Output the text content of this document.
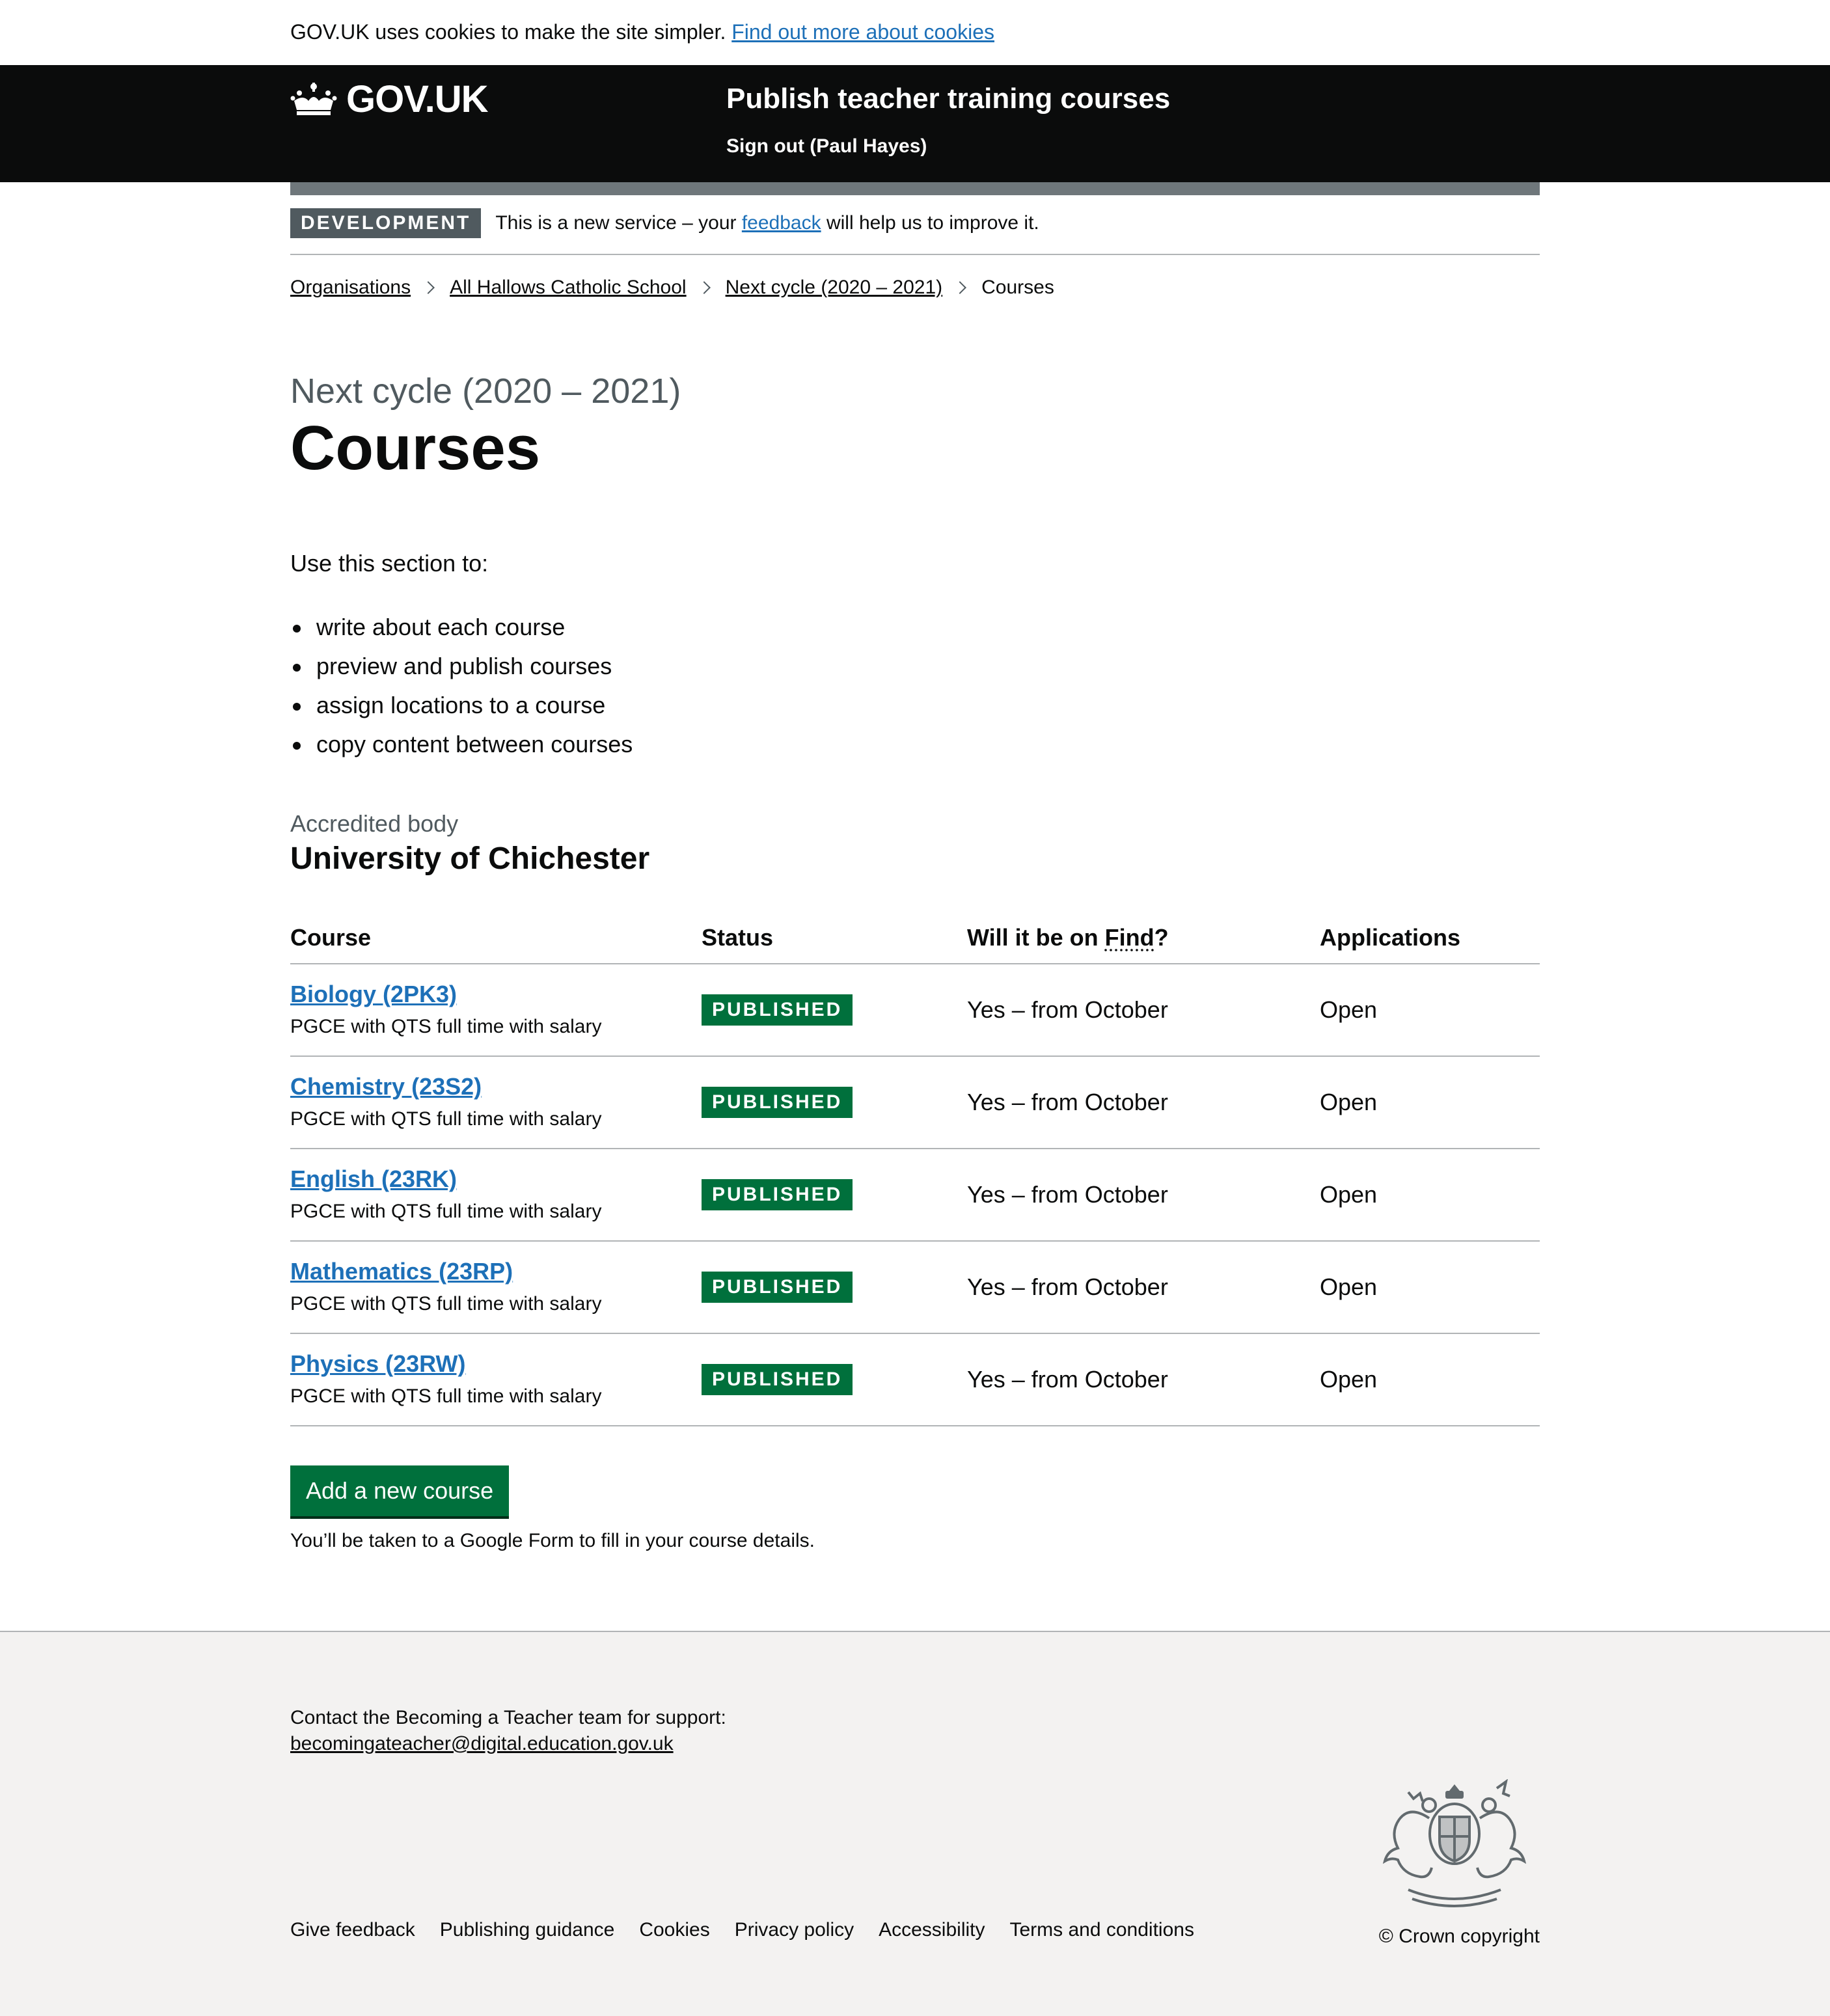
GOV.UK uses cookies to make the site simpler. Find out more about cookies
GOV.UK	Publish teacher training courses
Sign out (Paul Hayes)
DEVELOPMENT	This is a new service – your feedback will help us to improve it.
Organisations All Hallows Catholic School Next cycle (2020 – 2021) Courses
Next cycle (2020 – 2021)
Courses

Use this section to:

write about each course
preview and publish courses
assign locations to a course
copy content between courses
Accredited body
University of Chichester
Course	Status	Will it be on Find?	Applications
Biology (2PK3)
PGCE with QTS full time with salary
PUBLISHED	Yes – from October	Open
Chemistry (23S2)
PGCE with QTS full time with salary
PUBLISHED	Yes – from October	Open
English (23RK)
PGCE with QTS full time with salary
PUBLISHED	Yes – from October	Open
Mathematics (23RP)
PGCE with QTS full time with salary
PUBLISHED	Yes – from October	Open
Physics (23RW)
PGCE with QTS full time with salary
PUBLISHED	Yes – from October	Open
Add a new course

You’ll be taken to a Google Form to fill in your course details.

Contact the Becoming a Teacher team for support:
becomingateacher@digital.education.gov.uk
Give feedback Publishing guidance Cookies Privacy policy Accessibility Terms and conditions	© Crown copyright
